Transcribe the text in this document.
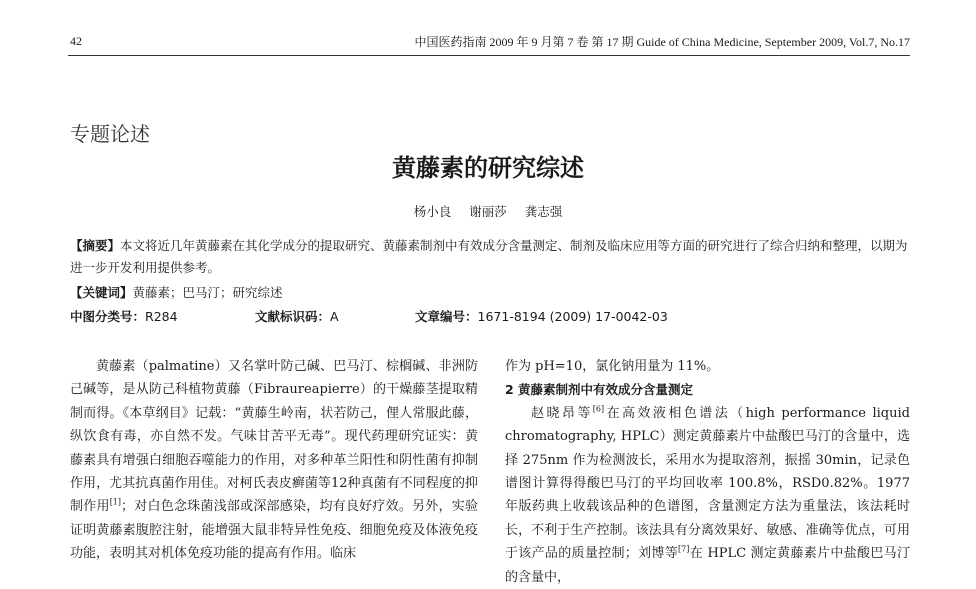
42	中国医药指南 2009 年 9 月第 7 卷 第 17 期 Guide of China Medicine, September 2009, Vol.7, No.17
专题论述
黄藤素的研究综述
杨小良 谢丽莎 龚志强
【摘要】本文将近几年黄藤素在其化学成分的提取研究、黄藤素制剂中有效成分含量测定、制剂及临床应用等方面的研究进行了综合归纳和整理，以期为进一步开发利用提供参考。
【关键词】黄藤素；巴马汀；研究综述
中图分类号：R284	文献标识码：A	文章编号：1671-8194 (2009) 17-0042-03
黄藤素（palmatine）又名掌叶防己碱、巴马汀、棕榈碱、非洲防己碱等，是从防己科植物黄藤（Fibraureapierre）的干燥藤茎提取精制而得。《本草纲目》记载：“黄藤生岭南，状若防己，俚人常服此藤，纵饮食有毒，亦自然不发。气味甘苦平无毒”。现代药理研究证实：黄藤素具有增强白细胞吞噬能力的作用，对多种革兰阳性和阴性菌有抑制作用，尤其抗真菌作用佳。对柯氏表皮癣菌等12种真菌有不同程度的抑制作用[1]；对白色念珠菌浅部或深部感染，均有良好疗效。另外，实验证明黄藤素腹腔注射，能增强大鼠非特异性免疫、细胞免疫及体液免疫功能，表明其对机体免疫功能的提高有作用。临床

作为 pH=10，氯化钠用量为 11%。

2 黄藤素制剂中有效成分含量测定

赵晓昂等[6]在高效液相色谱法（high performance liquid chromatography, HPLC）测定黄藤素片中盐酸巴马汀的含量中，选择 275nm 作为检测波长，采用水为提取溶剂，振摇 30min，记录色谱图计算得得酸巴马汀的平均回收率 100.8%，RSD0.82%。1977 年版药典上收载该品种的色谱图，含量测定方法为重量法，该法耗时长，不利于生产控制。该法具有分离效果好、敏感、准确等优点，可用于该产品的质量控制；刘博等[7]在 HPLC 测定黄藤素片中盐酸巴马汀的含量中，
